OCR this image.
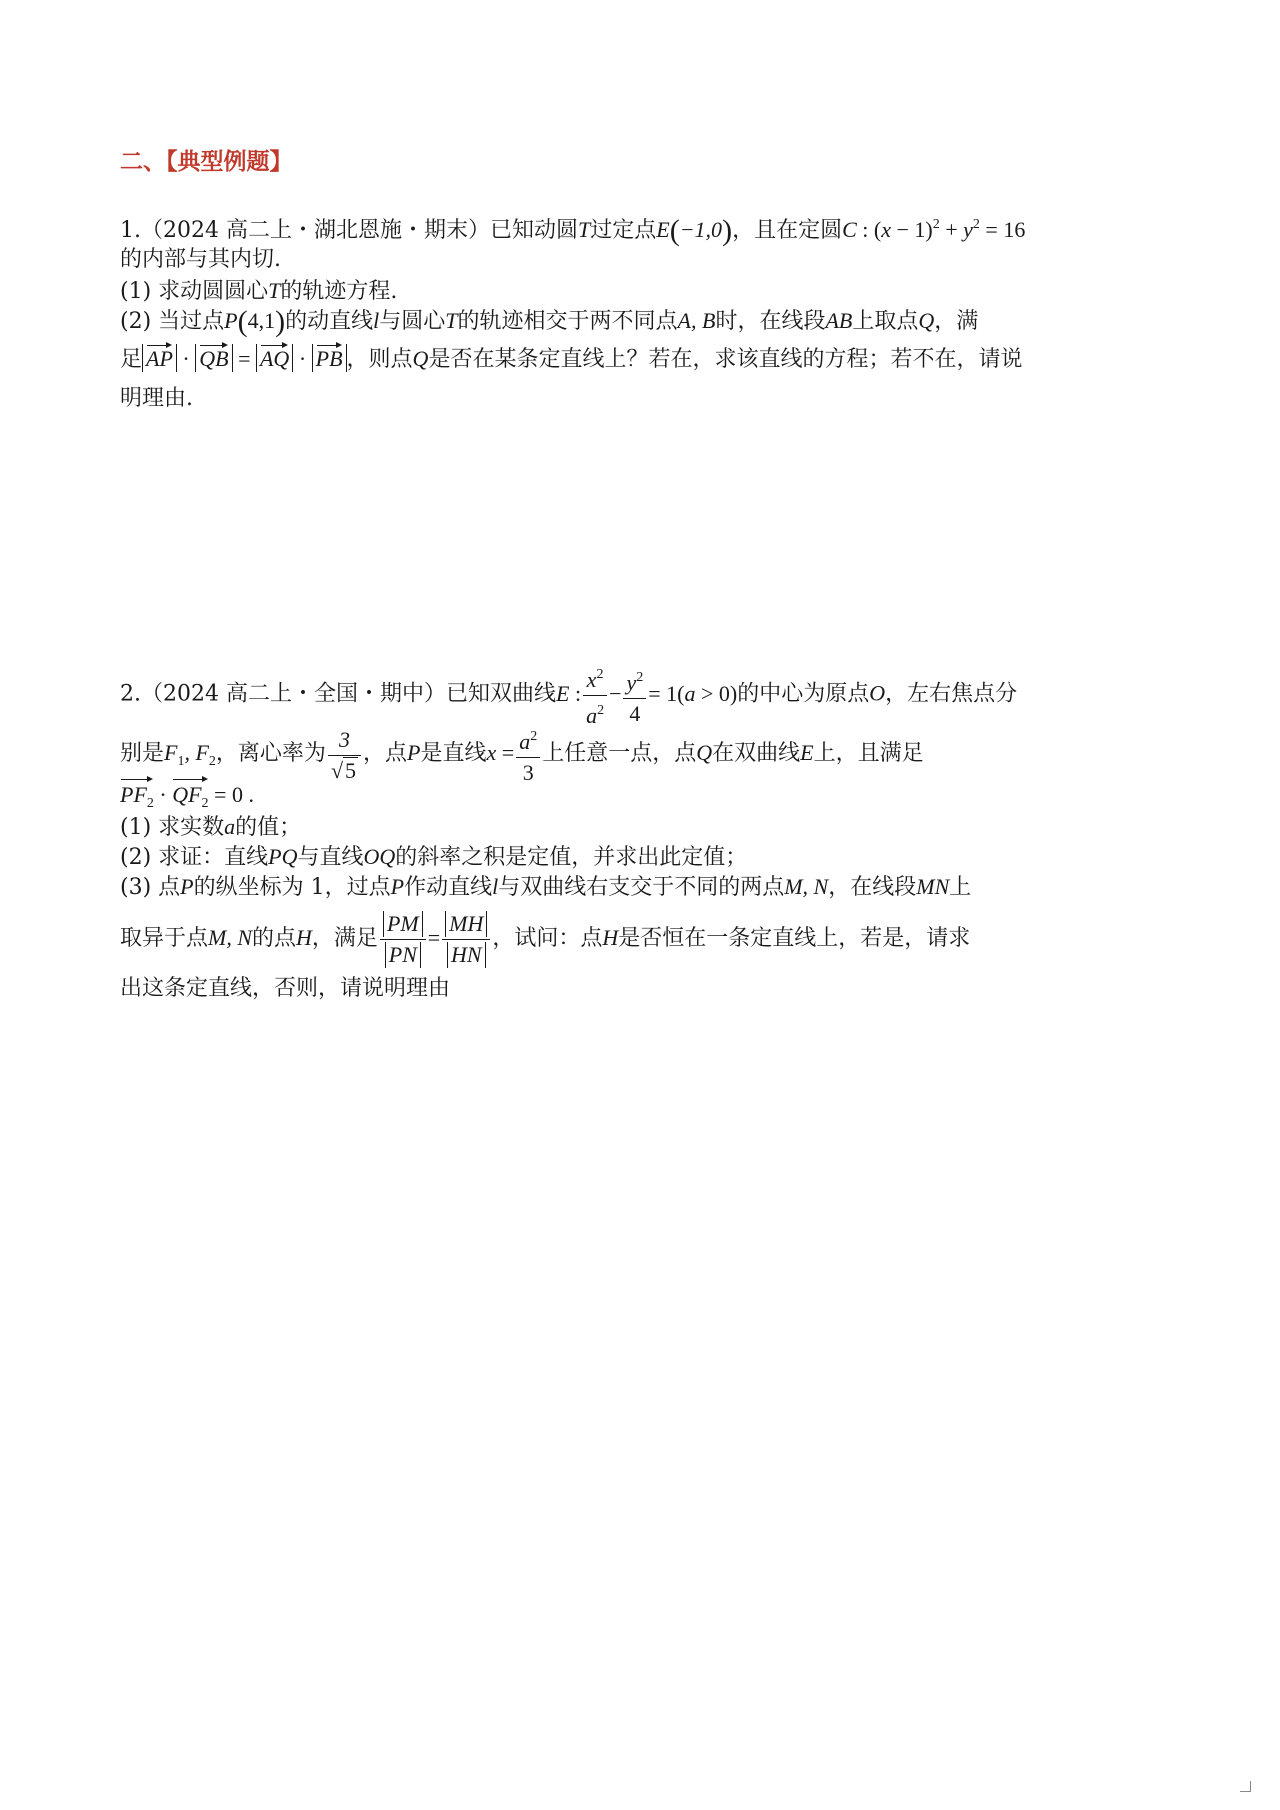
二、【典型例题】
1.（2024 高二上・湖北恩施・期末）已知动圆T过定点E(−1,0)，且在定圆C : $(x - 1)^2 + y^2 = 16$
的内部与其内切.
(1) 求动圆圆心T的轨迹方程.
(2) 当过点P(4,1)的动直线l与圆心T的轨迹相交于两不同点A, B时，在线段AB上取点Q，满
足 AP · QB = AQ · PB ，则点Q是否在某条定直线上？若在，求该直线的方程；若不在，请说
明理由.
2.（2024 高二上・全国・期中）已知双曲线E : $\frac{x^2}{a^2} - \frac{y^2}{4} = 1(a > 0)$的中心为原点O，左右焦点分
别是$F_1$, $F_2$，离心率为 $\frac{3}{√5}$ ，点P是直线$x = \frac{a^2}{3}$ 上任意一点，点Q在双曲线E上，且满足
$PF_2 \cdot QF_2 = 0$ .
(1) 求实数a的值；
(2) 求证：直线PQ与直线OQ的斜率之积是定值，并求出此定值；
(3) 点P的纵坐标为 1，过点P作动直线l与双曲线右支交于不同的两点M, N，在线段MN上
取异于点M, N的点H，满足 $\frac{PM}{PN} = \frac{MH}{HN}$ ，试问：点H是否恒在一条定直线上，若是，请求
出这条定直线，否则，请说明理由
